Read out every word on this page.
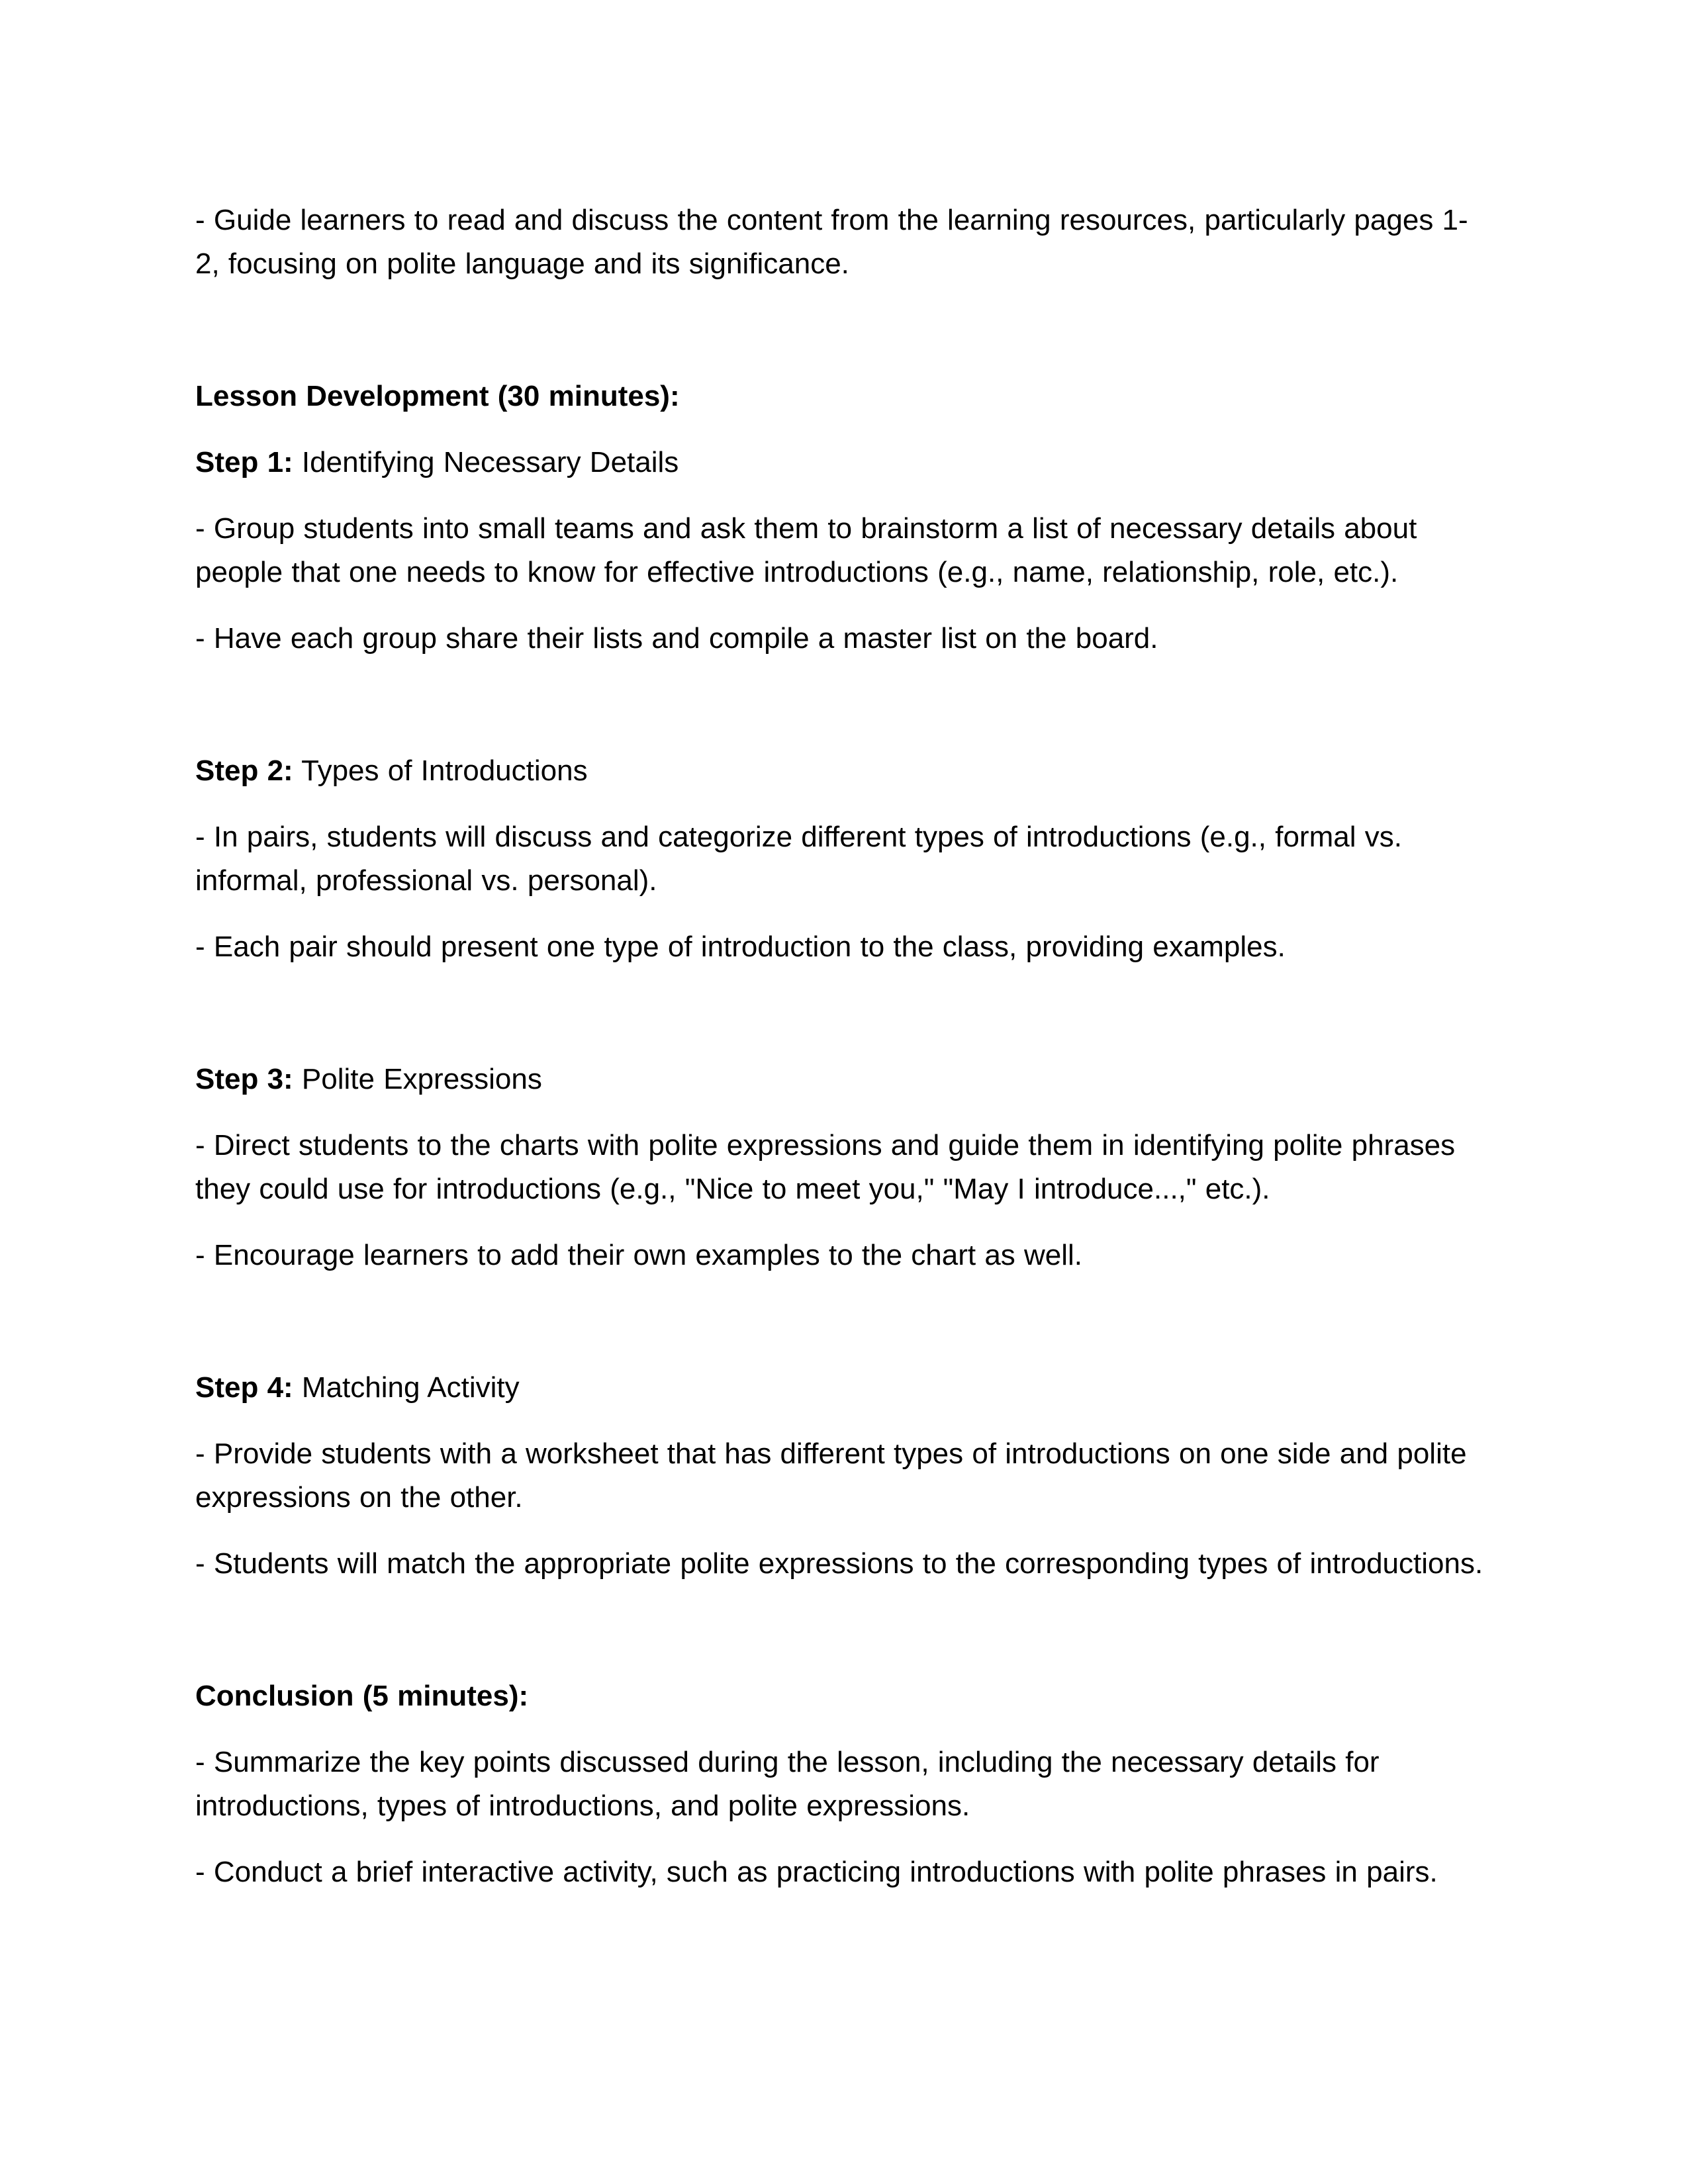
- Guide learners to read and discuss the content from the learning resources, particularly pages 1-2, focusing on polite language and its significance.

Lesson Development (30 minutes):

Step 1: Identifying Necessary Details

- Group students into small teams and ask them to brainstorm a list of necessary details about people that one needs to know for effective introductions (e.g., name, relationship, role, etc.).

- Have each group share their lists and compile a master list on the board.

Step 2: Types of Introductions

- In pairs, students will discuss and categorize different types of introductions (e.g., formal vs. informal, professional vs. personal).

- Each pair should present one type of introduction to the class, providing examples.

Step 3: Polite Expressions

- Direct students to the charts with polite expressions and guide them in identifying polite phrases they could use for introductions (e.g., "Nice to meet you," "May I introduce...," etc.).

- Encourage learners to add their own examples to the chart as well.

Step 4: Matching Activity

- Provide students with a worksheet that has different types of introductions on one side and polite expressions on the other.

- Students will match the appropriate polite expressions to the corresponding types of introductions.

Conclusion (5 minutes):

- Summarize the key points discussed during the lesson, including the necessary details for introductions, types of introductions, and polite expressions.

- Conduct a brief interactive activity, such as practicing introductions with polite phrases in pairs.
